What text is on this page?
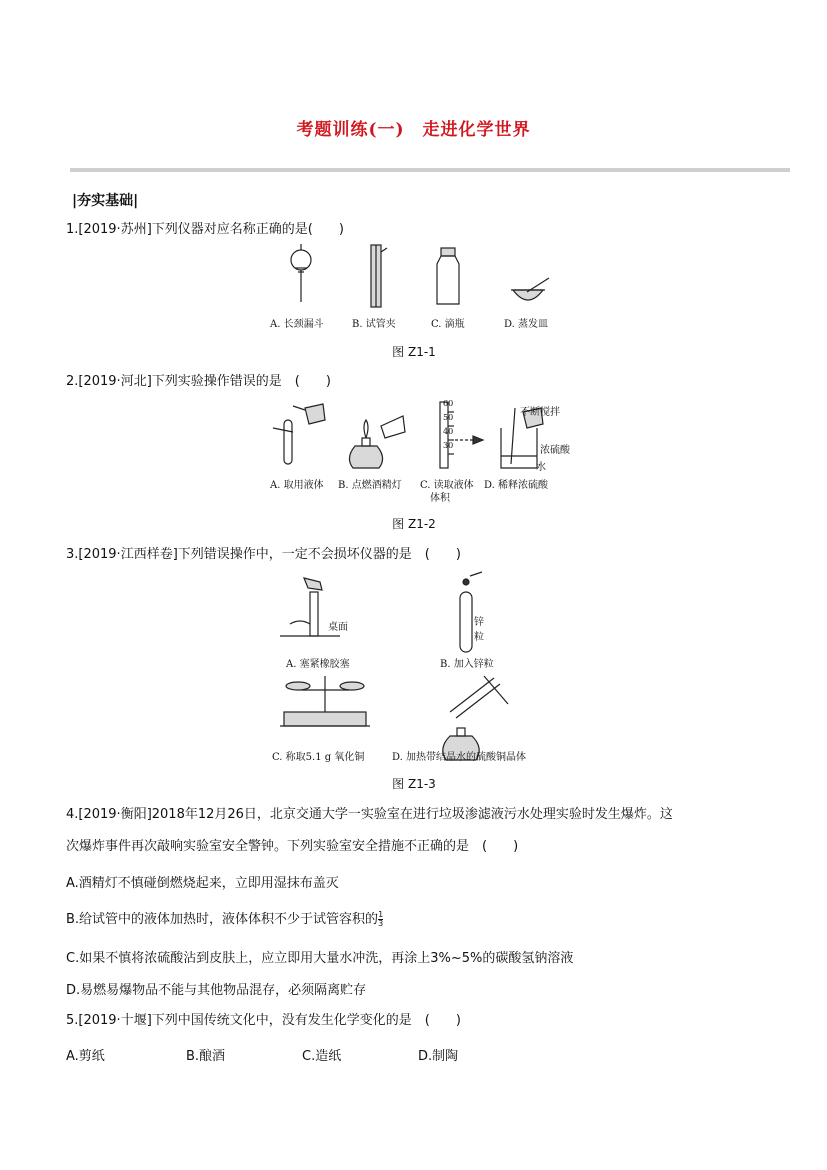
考题训练(一)　走进化学世界
|夯实基础|
1.[2019·苏州]下列仪器对应名称正确的是(　　)
A. 长颈漏斗	B. 试管夹	C. 滴瓶	D. 蒸发皿
图 Z1-1
2.[2019·河北]下列实验操作错误的是　(　　)
60
50
40
30
不断搅拌
浓硫酸
水
A. 取用液体 B. 点燃酒精灯 C. 读取液体
体积
D. 稀释浓硫酸
图 Z1-2
3.[2019·江西样卷]下列错误操作中，一定不会损坏仪器的是　(　　)
桌面	锌
粒
A. 塞紧橡胶塞	B. 加入锌粒
C. 称取5.1 g 氧化铜	D. 加热带结晶水的硫酸铜晶体
图 Z1-3
4.[2019·衡阳]2018年12月26日，北京交通大学一实验室在进行垃圾渗滤液污水处理实验时发生爆炸。这
次爆炸事件再次敲响实验室安全警钟。下列实验室安全措施不正确的是　(　　)
A.酒精灯不慎碰倒燃烧起来，立即用湿抹布盖灭
B.给试管中的液体加热时，液体体积不少于试管容积的 $\frac{1}{3}$
C.如果不慎将浓硫酸沾到皮肤上，应立即用大量水冲洗，再涂上3%~5%的碳酸氢钠溶液
D.易燃易爆物品不能与其他物品混存，必须隔离贮存
5.[2019·十堰]下列中国传统文化中，没有发生化学变化的是　(　　)
A.剪纸	B.酿酒	C.造纸	D.制陶
